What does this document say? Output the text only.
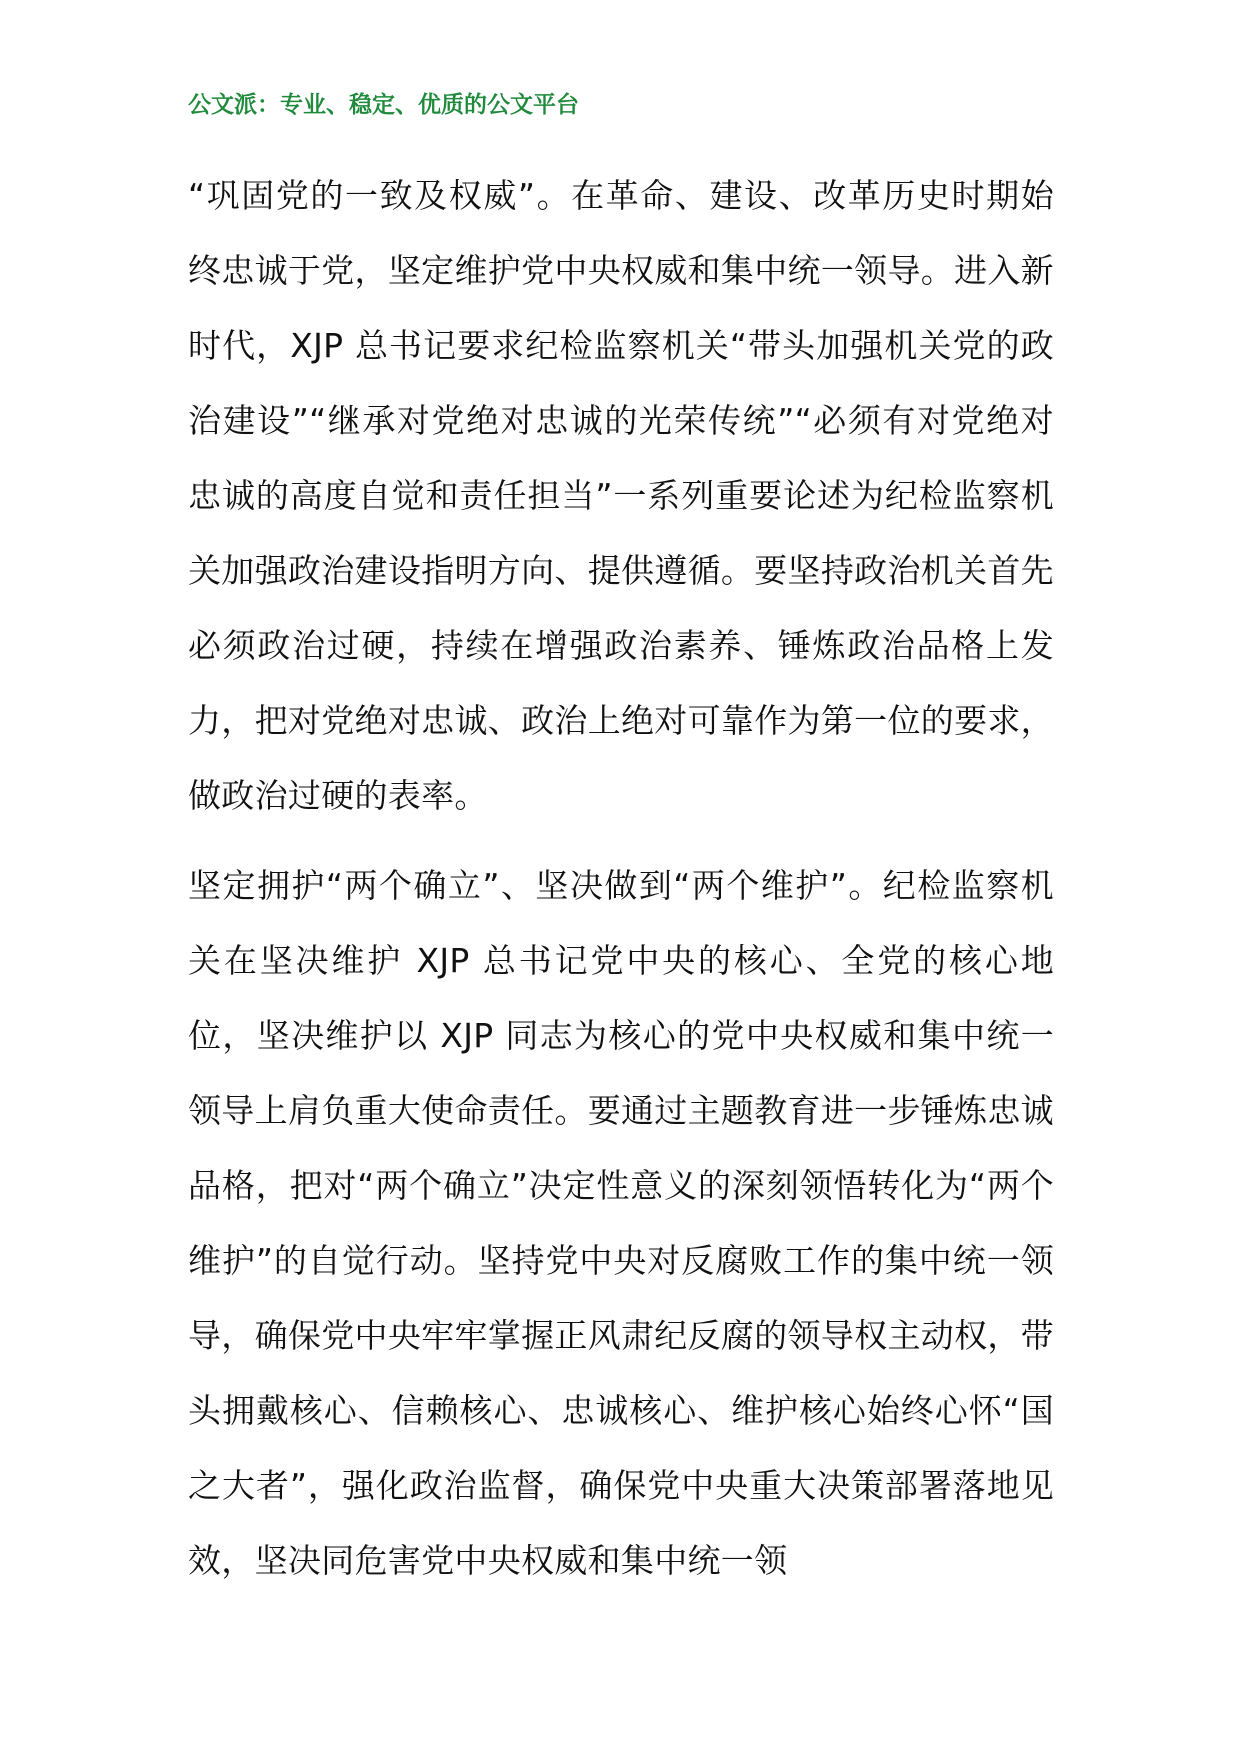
公文派：专业、稳定、优质的公文平台

“巩固党的一致及权威”。在革命、建设、改革历史时期始终忠诚于党，坚定维护党中央权威和集中统一领导。进入新时代，XJP 总书记要求纪检监察机关“带头加强机关党的政治建设”“继承对党绝对忠诚的光荣传统”“必须有对党绝对忠诚的高度自觉和责任担当”一系列重要论述为纪检监察机关加强政治建设指明方向、提供遵循。要坚持政治机关首先必须政治过硬，持续在增强政治素养、锤炼政治品格上发力，把对党绝对忠诚、政治上绝对可靠作为第一位的要求，做政治过硬的表率。

坚定拥护“两个确立”、坚决做到“两个维护”。纪检监察机关在坚决维护 XJP 总书记党中央的核心、全党的核心地位，坚决维护以 XJP 同志为核心的党中央权威和集中统一领导上肩负重大使命责任。要通过主题教育进一步锤炼忠诚品格，把对“两个确立”决定性意义的深刻领悟转化为“两个维护”的自觉行动。坚持党中央对反腐败工作的集中统一领导，确保党中央牢牢掌握正风肃纪反腐的领导权主动权，带头拥戴核心、信赖核心、忠诚核心、维护核心始终心怀“国之大者”，强化政治监督，确保党中央重大决策部署落地见效，坚决同危害党中央权威和集中统一领
